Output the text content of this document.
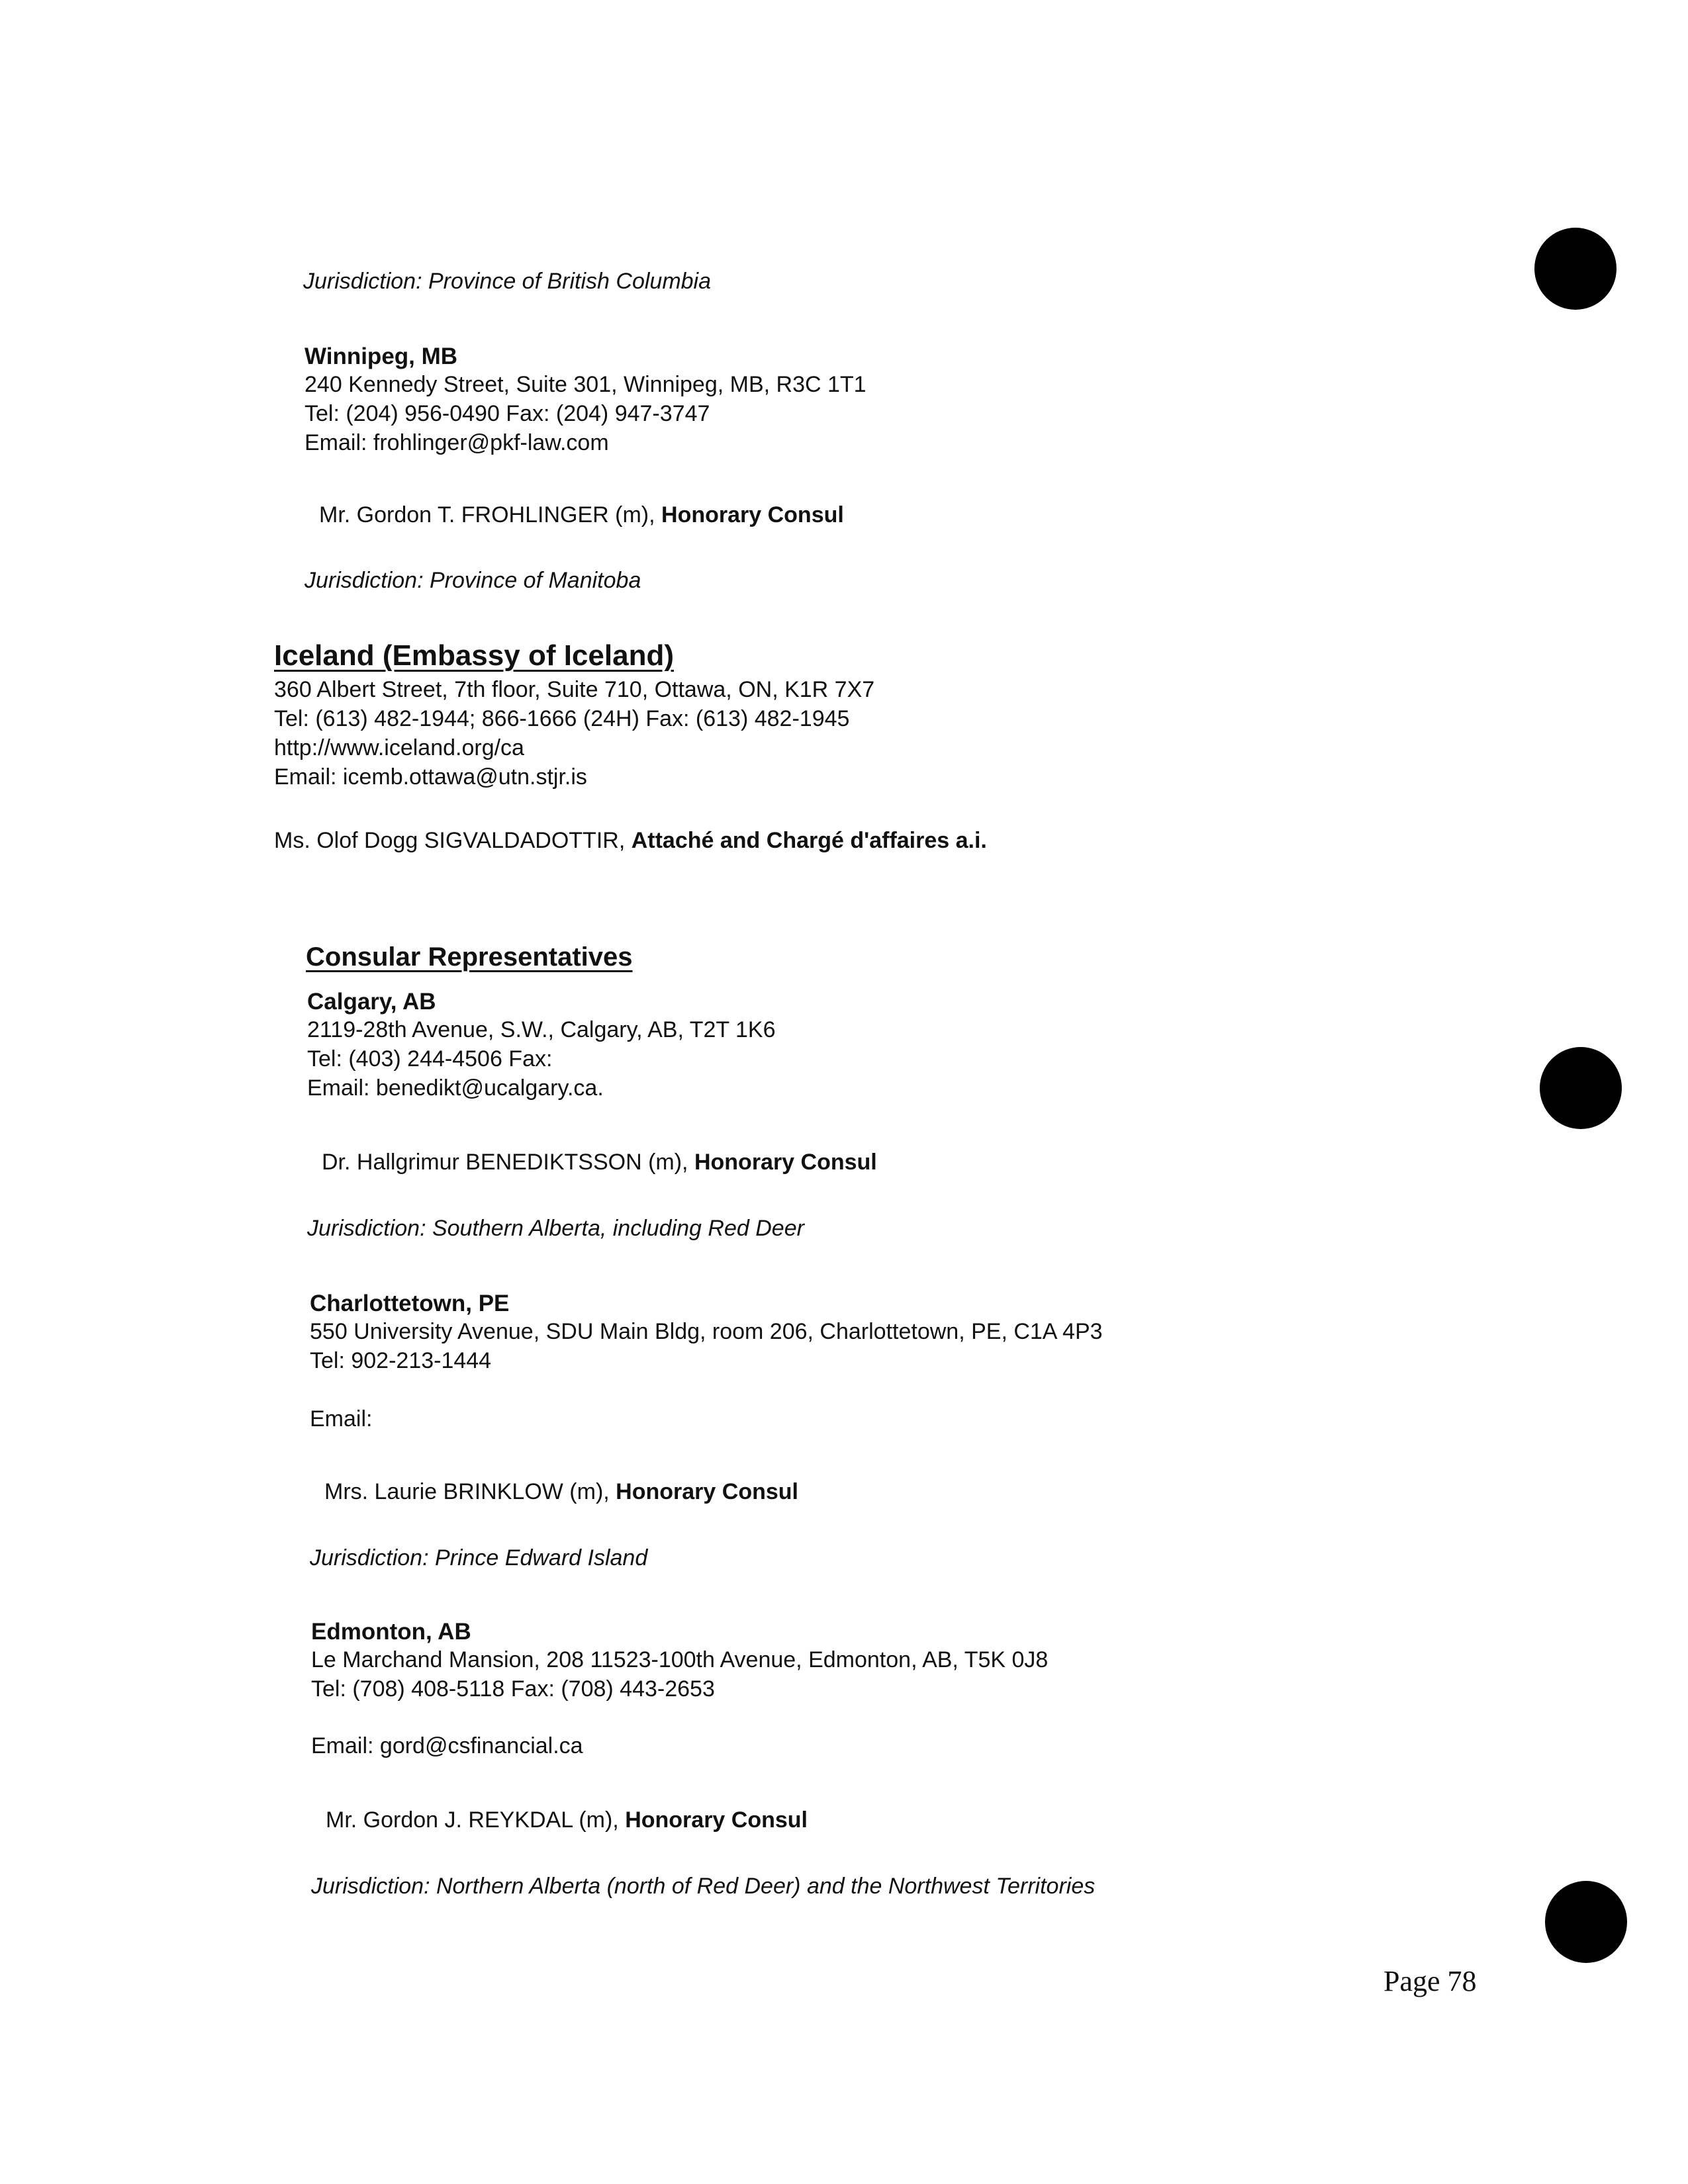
Jurisdiction: Province of British Columbia
Winnipeg, MB
240 Kennedy Street, Suite 301, Winnipeg, MB, R3C 1T1
Tel: (204) 956-0490 Fax: (204) 947-3747
Email: frohlinger@pkf-law.com
Mr. Gordon T. FROHLINGER (m), Honorary Consul
Jurisdiction: Province of Manitoba
Iceland (Embassy of Iceland)
360 Albert Street, 7th floor, Suite 710, Ottawa, ON, K1R 7X7
Tel: (613) 482-1944; 866-1666 (24H) Fax: (613) 482-1945
http://www.iceland.org/ca
Email: icemb.ottawa@utn.stjr.is
Ms. Olof Dogg SIGVALDADOTTIR, Attaché and Chargé d'affaires a.i.
Consular Representatives
Calgary, AB
2119-28th Avenue, S.W., Calgary, AB, T2T 1K6
Tel: (403) 244-4506 Fax:
Email: benedikt@ucalgary.ca.
Dr. Hallgrimur BENEDIKTSSON (m), Honorary Consul
Jurisdiction: Southern Alberta, including Red Deer
Charlottetown, PE
550 University Avenue, SDU Main Bldg, room 206, Charlottetown, PE, C1A 4P3
Tel: 902-213-1444
Email:
Mrs. Laurie BRINKLOW (m), Honorary Consul
Jurisdiction: Prince Edward Island
Edmonton, AB
Le Marchand Mansion, 208 11523-100th Avenue, Edmonton, AB, T5K 0J8
Tel: (708) 408-5118 Fax: (708) 443-2653
Email: gord@csfinancial.ca
Mr. Gordon J. REYKDAL (m), Honorary Consul
Jurisdiction: Northern Alberta (north of Red Deer) and the Northwest Territories
Page 78
